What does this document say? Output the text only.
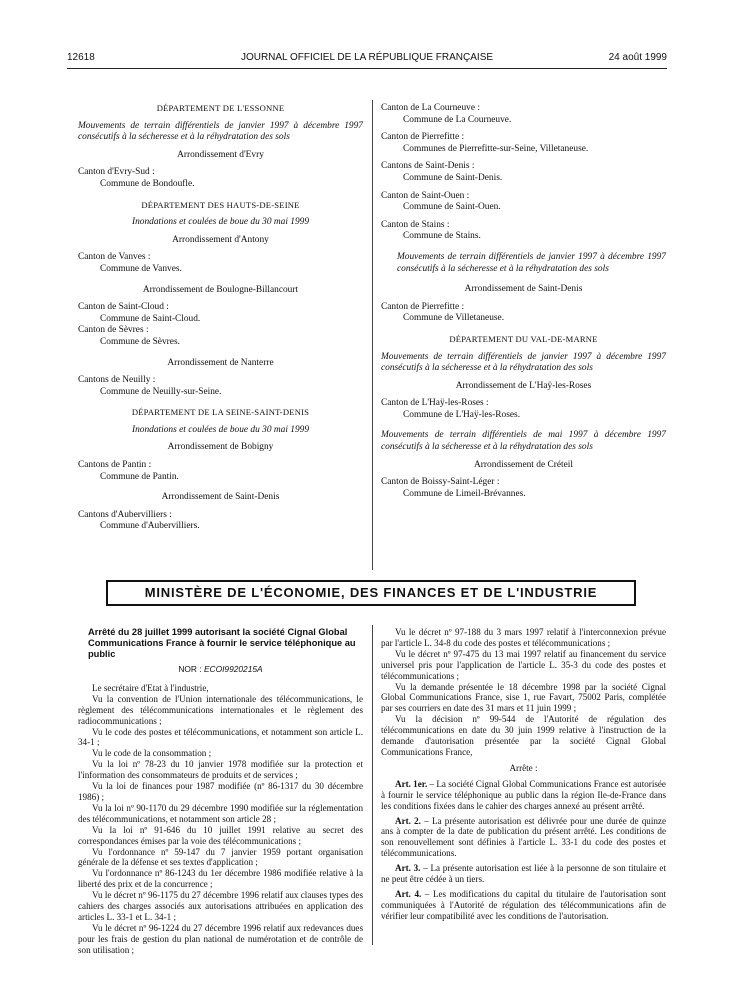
12618	JOURNAL OFFICIEL DE LA RÉPUBLIQUE FRANÇAISE	24 août 1999

DÉPARTEMENT DE L'ESSONNE

Mouvements de terrain différentiels de janvier 1997 à décembre 1997 consécutifs à la sécheresse et à la réhydratation des sols

Arrondissement d'Evry

Canton d'Evry-Sud :

Commune de Bondoufle.

DÉPARTEMENT DES HAUTS-DE-SEINE

Inondations et coulées de boue du 30 mai 1999

Arrondissement d'Antony

Canton de Vanves :

Commune de Vanves.

Arrondissement de Boulogne-Billancourt

Canton de Saint-Cloud :

Commune de Saint-Cloud.

Canton de Sèvres :

Commune de Sèvres.

Arrondissement de Nanterre

Cantons de Neuilly :

Commune de Neuilly-sur-Seine.

DÉPARTEMENT DE LA SEINE-SAINT-DENIS

Inondations et coulées de boue du 30 mai 1999

Arrondissement de Bobigny

Cantons de Pantin :

Commune de Pantin.

Arrondissement de Saint-Denis

Cantons d'Aubervilliers :

Commune d'Aubervilliers.

Canton de La Courneuve :

Commune de La Courneuve.

Canton de Pierrefitte :

Communes de Pierrefitte-sur-Seine, Villetaneuse.

Cantons de Saint-Denis :

Commune de Saint-Denis.

Canton de Saint-Ouen :

Commune de Saint-Ouen.

Canton de Stains :

Commune de Stains.

Mouvements de terrain différentiels de janvier 1997 à décembre 1997 consécutifs à la sécheresse et à la réhydratation des sols

Arrondissement de Saint-Denis

Canton de Pierrefitte :

Commune de Villetaneuse.

DÉPARTEMENT DU VAL-DE-MARNE

Mouvements de terrain différentiels de janvier 1997 à décembre 1997 consécutifs à la sécheresse et à la réhydratation des sols

Arrondissement de L'Haÿ-les-Roses

Canton de L'Haÿ-les-Roses :

Commune de L'Haÿ-les-Roses.

Mouvements de terrain différentiels de mai 1997 à décembre 1997 consécutifs à la sécheresse et à la réhydratation des sols

Arrondissement de Créteil

Canton de Boissy-Saint-Léger :

Commune de Limeil-Brévannes.

MINISTÈRE DE L'ÉCONOMIE, DES FINANCES ET DE L'INDUSTRIE
Arrêté du 28 juillet 1999 autorisant la société Cignal Global Communications France à fournir le service téléphonique au public
NOR : ECOI9920215A

Le secrétaire d'Etat à l'industrie,

Vu la convention de l'Union internationale des télécommunications, le règlement des télécommunications internationales et le règlement des radiocommunications ;

Vu le code des postes et télécommunications, et notamment son article L. 34-1 ;

Vu le code de la consommation ;

Vu la loi nº 78-23 du 10 janvier 1978 modifiée sur la protection et l'information des consommateurs de produits et de services ;

Vu la loi de finances pour 1987 modifiée (nº 86-1317 du 30 décembre 1986) ;

Vu la loi nº 90-1170 du 29 décembre 1990 modifiée sur la réglementation des télécommunications, et notamment son article 28 ;

Vu la loi nº 91-646 du 10 juillet 1991 relative au secret des correspondances émises par la voie des télécommunications ;

Vu l'ordonnance nº 59-147 du 7 janvier 1959 portant organisation générale de la défense et ses textes d'application ;

Vu l'ordonnance nº 86-1243 du 1er décembre 1986 modifiée relative à la liberté des prix et de la concurrence ;

Vu le décret nº 96-1175 du 27 décembre 1996 relatif aux clauses types des cahiers des charges associés aux autorisations attribuées en application des articles L. 33-1 et L. 34-1 ;

Vu le décret nº 96-1224 du 27 décembre 1996 relatif aux redevances dues pour les frais de gestion du plan national de numérotation et de contrôle de son utilisation ;

Vu le décret nº 97-188 du 3 mars 1997 relatif à l'interconnexion prévue par l'article L. 34-8 du code des postes et télécommunications ;

Vu le décret nº 97-475 du 13 mai 1997 relatif au financement du service universel pris pour l'application de l'article L. 35-3 du code des postes et télécommunications ;

Vu la demande présentée le 18 décembre 1998 par la société Cignal Global Communications France, sise 1, rue Favart, 75002 Paris, complétée par ses courriers en date des 31 mars et 11 juin 1999 ;

Vu la décision nº 99-544 de l'Autorité de régulation des télécommunications en date du 30 juin 1999 relative à l'instruction de la demande d'autorisation présentée par la société Cignal Global Communications France,

Arrête :

Art. 1er. – La société Cignal Global Communications France est autorisée à fournir le service téléphonique au public dans la région Ile-de-France dans les conditions fixées dans le cahier des charges annexé au présent arrêté.

Art. 2. – La présente autorisation est délivrée pour une durée de quinze ans à compter de la date de publication du présent arrêté. Les conditions de son renouvellement sont définies à l'article L. 33-1 du code des postes et télécommunications.

Art. 3. – La présente autorisation est liée à la personne de son titulaire et ne peut être cédée à un tiers.

Art. 4. – Les modifications du capital du titulaire de l'autorisation sont communiquées à l'Autorité de régulation des télécommunications afin de vérifier leur compatibilité avec les conditions de l'autorisation.
